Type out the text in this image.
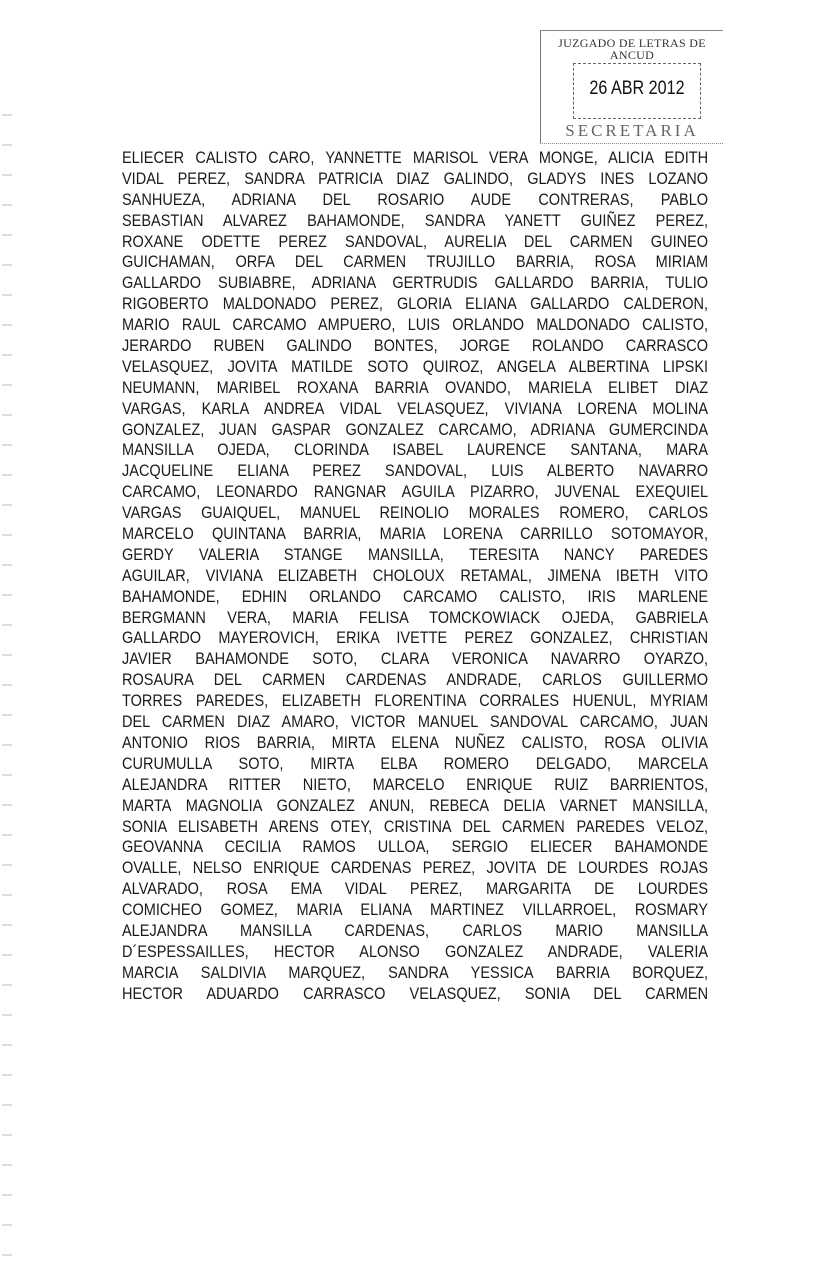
JUZGADO DE LETRAS DE
ANCUD
26 ABR 2012
SECRETARIA
ELIECER CALISTO CARO, YANNETTE MARISOL VERA MONGE, ALICIA EDITH
VIDAL PEREZ, SANDRA PATRICIA DIAZ GALINDO, GLADYS INES LOZANO
SANHUEZA, ADRIANA DEL ROSARIO AUDE CONTRERAS, PABLO
SEBASTIAN ALVAREZ BAHAMONDE, SANDRA YANETT GUIÑEZ PEREZ,
ROXANE ODETTE PEREZ SANDOVAL, AURELIA DEL CARMEN GUINEO
GUICHAMAN, ORFA DEL CARMEN TRUJILLO BARRIA, ROSA MIRIAM
GALLARDO SUBIABRE, ADRIANA GERTRUDIS GALLARDO BARRIA, TULIO
RIGOBERTO MALDONADO PEREZ, GLORIA ELIANA GALLARDO CALDERON,
MARIO RAUL CARCAMO AMPUERO, LUIS ORLANDO MALDONADO CALISTO,
JERARDO RUBEN GALINDO BONTES, JORGE ROLANDO CARRASCO
VELASQUEZ, JOVITA MATILDE SOTO QUIROZ, ANGELA ALBERTINA LIPSKI
NEUMANN, MARIBEL ROXANA BARRIA OVANDO, MARIELA ELIBET DIAZ
VARGAS, KARLA ANDREA VIDAL VELASQUEZ, VIVIANA LORENA MOLINA
GONZALEZ, JUAN GASPAR GONZALEZ CARCAMO, ADRIANA GUMERCINDA
MANSILLA OJEDA, CLORINDA ISABEL LAURENCE SANTANA, MARA
JACQUELINE ELIANA PEREZ SANDOVAL, LUIS ALBERTO NAVARRO
CARCAMO, LEONARDO RANGNAR AGUILA PIZARRO, JUVENAL EXEQUIEL
VARGAS GUAIQUEL, MANUEL REINOLIO MORALES ROMERO, CARLOS
MARCELO QUINTANA BARRIA, MARIA LORENA CARRILLO SOTOMAYOR,
GERDY VALERIA STANGE MANSILLA, TERESITA NANCY PAREDES
AGUILAR, VIVIANA ELIZABETH CHOLOUX RETAMAL, JIMENA IBETH VITO
BAHAMONDE, EDHIN ORLANDO CARCAMO CALISTO, IRIS MARLENE
BERGMANN VERA, MARIA FELISA TOMCKOWIACK OJEDA, GABRIELA
GALLARDO MAYEROVICH, ERIKA IVETTE PEREZ GONZALEZ, CHRISTIAN
JAVIER BAHAMONDE SOTO, CLARA VERONICA NAVARRO OYARZO,
ROSAURA DEL CARMEN CARDENAS ANDRADE, CARLOS GUILLERMO
TORRES PAREDES, ELIZABETH FLORENTINA CORRALES HUENUL, MYRIAM
DEL CARMEN DIAZ AMARO, VICTOR MANUEL SANDOVAL CARCAMO, JUAN
ANTONIO RIOS BARRIA, MIRTA ELENA NUÑEZ CALISTO, ROSA OLIVIA
CURUMULLA SOTO, MIRTA ELBA ROMERO DELGADO, MARCELA
ALEJANDRA RITTER NIETO, MARCELO ENRIQUE RUIZ BARRIENTOS,
MARTA MAGNOLIA GONZALEZ ANUN, REBECA DELIA VARNET MANSILLA,
SONIA ELISABETH ARENS OTEY, CRISTINA DEL CARMEN PAREDES VELOZ,
GEOVANNA CECILIA RAMOS ULLOA, SERGIO ELIECER BAHAMONDE
OVALLE, NELSO ENRIQUE CARDENAS PEREZ, JOVITA DE LOURDES ROJAS
ALVARADO, ROSA EMA VIDAL PEREZ, MARGARITA DE LOURDES
COMICHEO GOMEZ, MARIA ELIANA MARTINEZ VILLARROEL, ROSMARY
ALEJANDRA MANSILLA CARDENAS, CARLOS MARIO MANSILLA
D´ESPESSAILLES, HECTOR ALONSO GONZALEZ ANDRADE, VALERIA
MARCIA SALDIVIA MARQUEZ, SANDRA YESSICA BARRIA BORQUEZ,
HECTOR ADUARDO CARRASCO VELASQUEZ, SONIA DEL CARMEN
